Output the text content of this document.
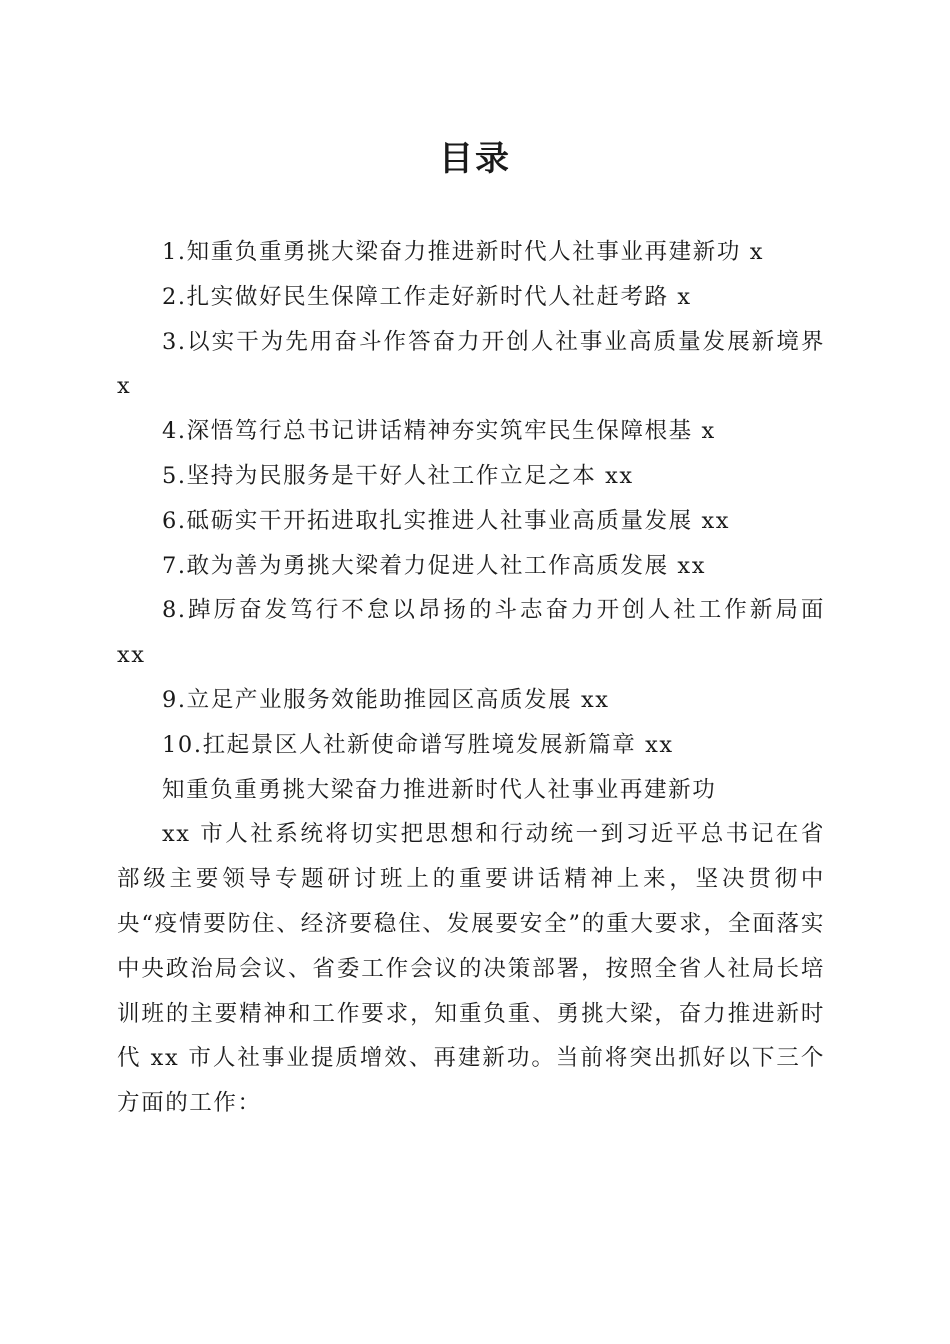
目录

1.知重负重勇挑大梁奋力推进新时代人社事业再建新功 x

2.扎实做好民生保障工作走好新时代人社赶考路 x

3.以实干为先用奋斗作答奋力开创人社事业高质量发展新境界 x

4.深悟笃行总书记讲话精神夯实筑牢民生保障根基 x

5.坚持为民服务是干好人社工作立足之本 xx

6.砥砺实干开拓进取扎实推进人社事业高质量发展 xx

7.敢为善为勇挑大梁着力促进人社工作高质发展 xx

8.踔厉奋发笃行不怠以昂扬的斗志奋力开创人社工作新局面 xx

9.立足产业服务效能助推园区高质发展 xx

10.扛起景区人社新使命谱写胜境发展新篇章 xx

知重负重勇挑大梁奋力推进新时代人社事业再建新功

xx 市人社系统将切实把思想和行动统一到习近平总书记在省部级主要领导专题研讨班上的重要讲话精神上来，坚决贯彻中央“疫情要防住、经济要稳住、发展要安全”的重大要求，全面落实中央政治局会议、省委工作会议的决策部署，按照全省人社局长培训班的主要精神和工作要求，知重负重、勇挑大梁，奋力推进新时代 xx 市人社事业提质增效、再建新功。当前将突出抓好以下三个方面的工作：
